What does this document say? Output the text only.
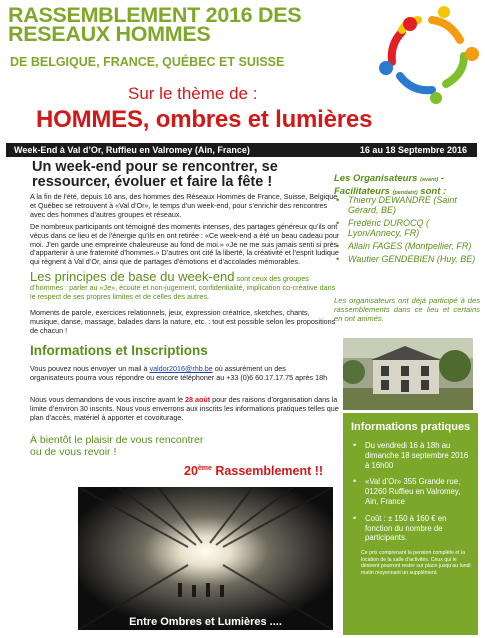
RASSEMBLEMENT 2016 DES RESEAUX HOMMES
DE BELGIQUE, FRANCE, QUÉBEC ET SUISSE
Sur le thème de :
HOMMES, ombres et lumières
Week-End à Val d’Or, Ruffieu en Valromey (Ain, France)	16 au 18 Septembre 2016
Un week-end pour se rencontrer, se ressourcer, évoluer et faire la fête !
A la fin de l’été, depuis 16 ans, des hommes des Réseaux Hommes de France, Suisse, Belgique et Québec se retrouvent à «Val d’Or», le temps d’un week-end, pour s’enrichir des rencontres avec des hommes d’autres groupes et réseaux.
De nombreux participants ont témoigné des moments intenses, des partages généreux qu’ils ont vécus dans ce lieu et de l’énergie qu’ils en ont retirée : «Ce week-end a été un beau cadeau pour moi. J’en garde une empreinte chaleureuse au fond de moi.» «Je ne me suis jamais senti si près d’appartenir à une fraternité d’hommes.» D’autres ont cité la liberté, la créativité et l’esprit ludique qui règnent à Val d’Or, ainsi que de partages d’émotions et d’accolades mémorables.
Les principes de base du week-end sont ceux des groupes d’hommes : parler au «Je», écoute et non-jugement, confidentialité, implication co-créative dans le respect de ses propres limites et de celles des autres.
Moments de parole, exercices relationnels, jeux, expression créatrice, sketches, chants, musique, danse, massage, balades dans la nature, etc. : tout est possible selon les propositions de chacun !
Informations et Inscriptions
Vous pouvez nous envoyer un mail à valdor2016@rhb.be où assurément un des organisateurs pourra vous répondre ou encore téléphoner au +33 (0)6 60.17.17.75 après 18h
Nous vous demandons de vous inscrire avant le 28 août pour des raisons d’organisation dans la limite d’environ 30 inscrits. Nous vous enverrons aux inscrits les informations pratiques telles que plan d’accès, matériel à apporter et covoiturage.
À bientôt le plaisir de vous rencontrer ou de vous revoir !
20ème Rassemblement !!
Entre Ombres et Lumières ....
Les Organisateurs (avant) - Facilitateurs (pendant) sont :
• Thierry DEWANDRE (Saint Gérard, BE)
• Frédéric DUROCQ ( Lyon/Annecy, FR)
• Allain FAGES (Montpellier, FR)
• Wautier GENDEBIEN (Huy, BE)
Les organisateurs ont déjà participé à des rassemblements dans ce lieu et certains en ont animés.
Informations pratiques
• Du vendredi 16 à 18h au dimanche 18 septembre 2016 à 16h00
• «Val d’Or» 355 Grande rue, 01260 Ruffieu en Valromey, Ain, France
• Coût : ± 150 à 160 € en fonction du nombre de participants.
Ce prix comprenant la pension complète et la location de la salle d’activités. Ceux qui le désirent pourront rester sur place jusqu’au lundi matin moyennant un supplément.
